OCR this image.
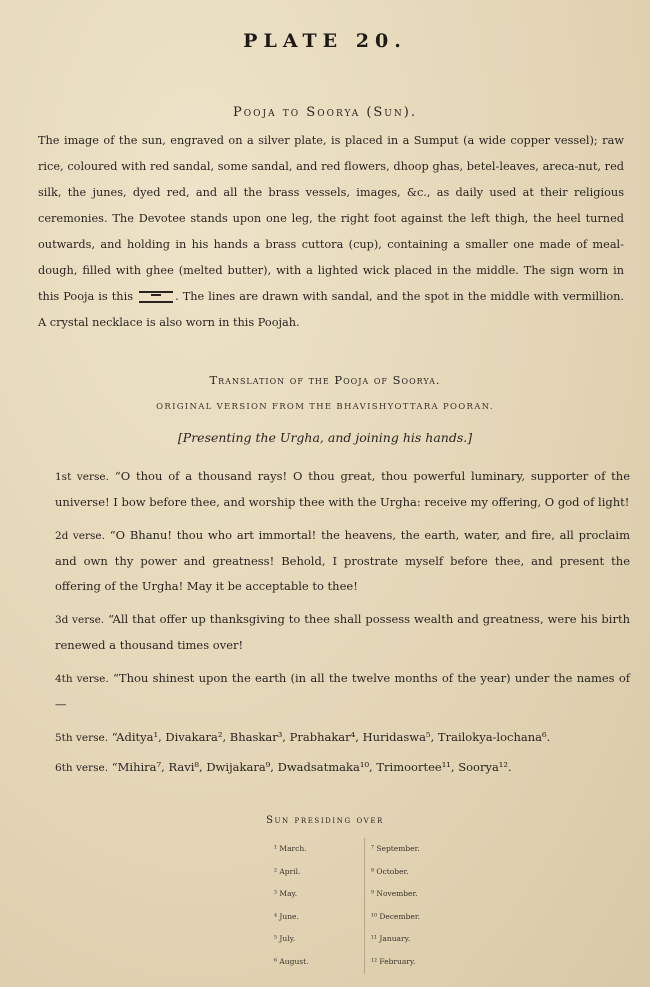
PLATE 20.
Pooja to Soorya (Sun).
The image of the sun, engraved on a silver plate, is placed in a Sumput (a wide copper vessel); raw rice, coloured with red sandal, some sandal, and red flowers, dhoop ghas, betel-leaves, areca-nut, red silk, the junes, dyed red, and all the brass vessels, images, &c., as daily used at their religious ceremonies. The Devotee stands upon one leg, the right foot against the left thigh, the heel turned outwards, and holding in his hands a brass cuttora (cup), containing a smaller one made of meal-dough, filled with ghee (melted butter), with a lighted wick placed in the middle. The sign worn in this Pooja is this	. The lines are drawn with sandal, and the spot in the middle with vermillion. A crystal necklace is also worn in this Poojah.
Translation of the Pooja of Soorya.
ORIGINAL VERSION FROM THE BHAVISHYOTTARA POORAN.
[Presenting the Urgha, and joining his hands.]

1st verse. “O thou of a thousand rays! O thou great, thou powerful luminary, supporter of the universe! I bow before thee, and worship thee with the Urgha: receive my offering, O god of light!

2d verse. “O Bhanu! thou who art immortal! the heavens, the earth, water, and fire, all proclaim and own thy power and greatness! Behold, I prostrate myself before thee, and present the offering of the Urgha! May it be acceptable to thee!

3d verse. “All that offer up thanksgiving to thee shall possess wealth and greatness, were his birth renewed a thousand times over!

4th verse. “Thou shinest upon the earth (in all the twelve months of the year) under the names of—

5th verse. “Aditya¹, Divakara², Bhaskar³, Prabhakar⁴, Huridaswa⁵, Trailokya-lochana⁶.

6th verse. “Mihira⁷, Ravi⁸, Dwijakara⁹, Dwadsatmaka¹⁰, Trimoortee¹¹, Soorya¹².

Sun presiding over
¹ March.	⁷ September.
² April.	⁸ October.
³ May.	⁹ November.
⁴ June.	¹⁰ December.
⁵ July.	¹¹ January.
⁶ August.	¹² February.
